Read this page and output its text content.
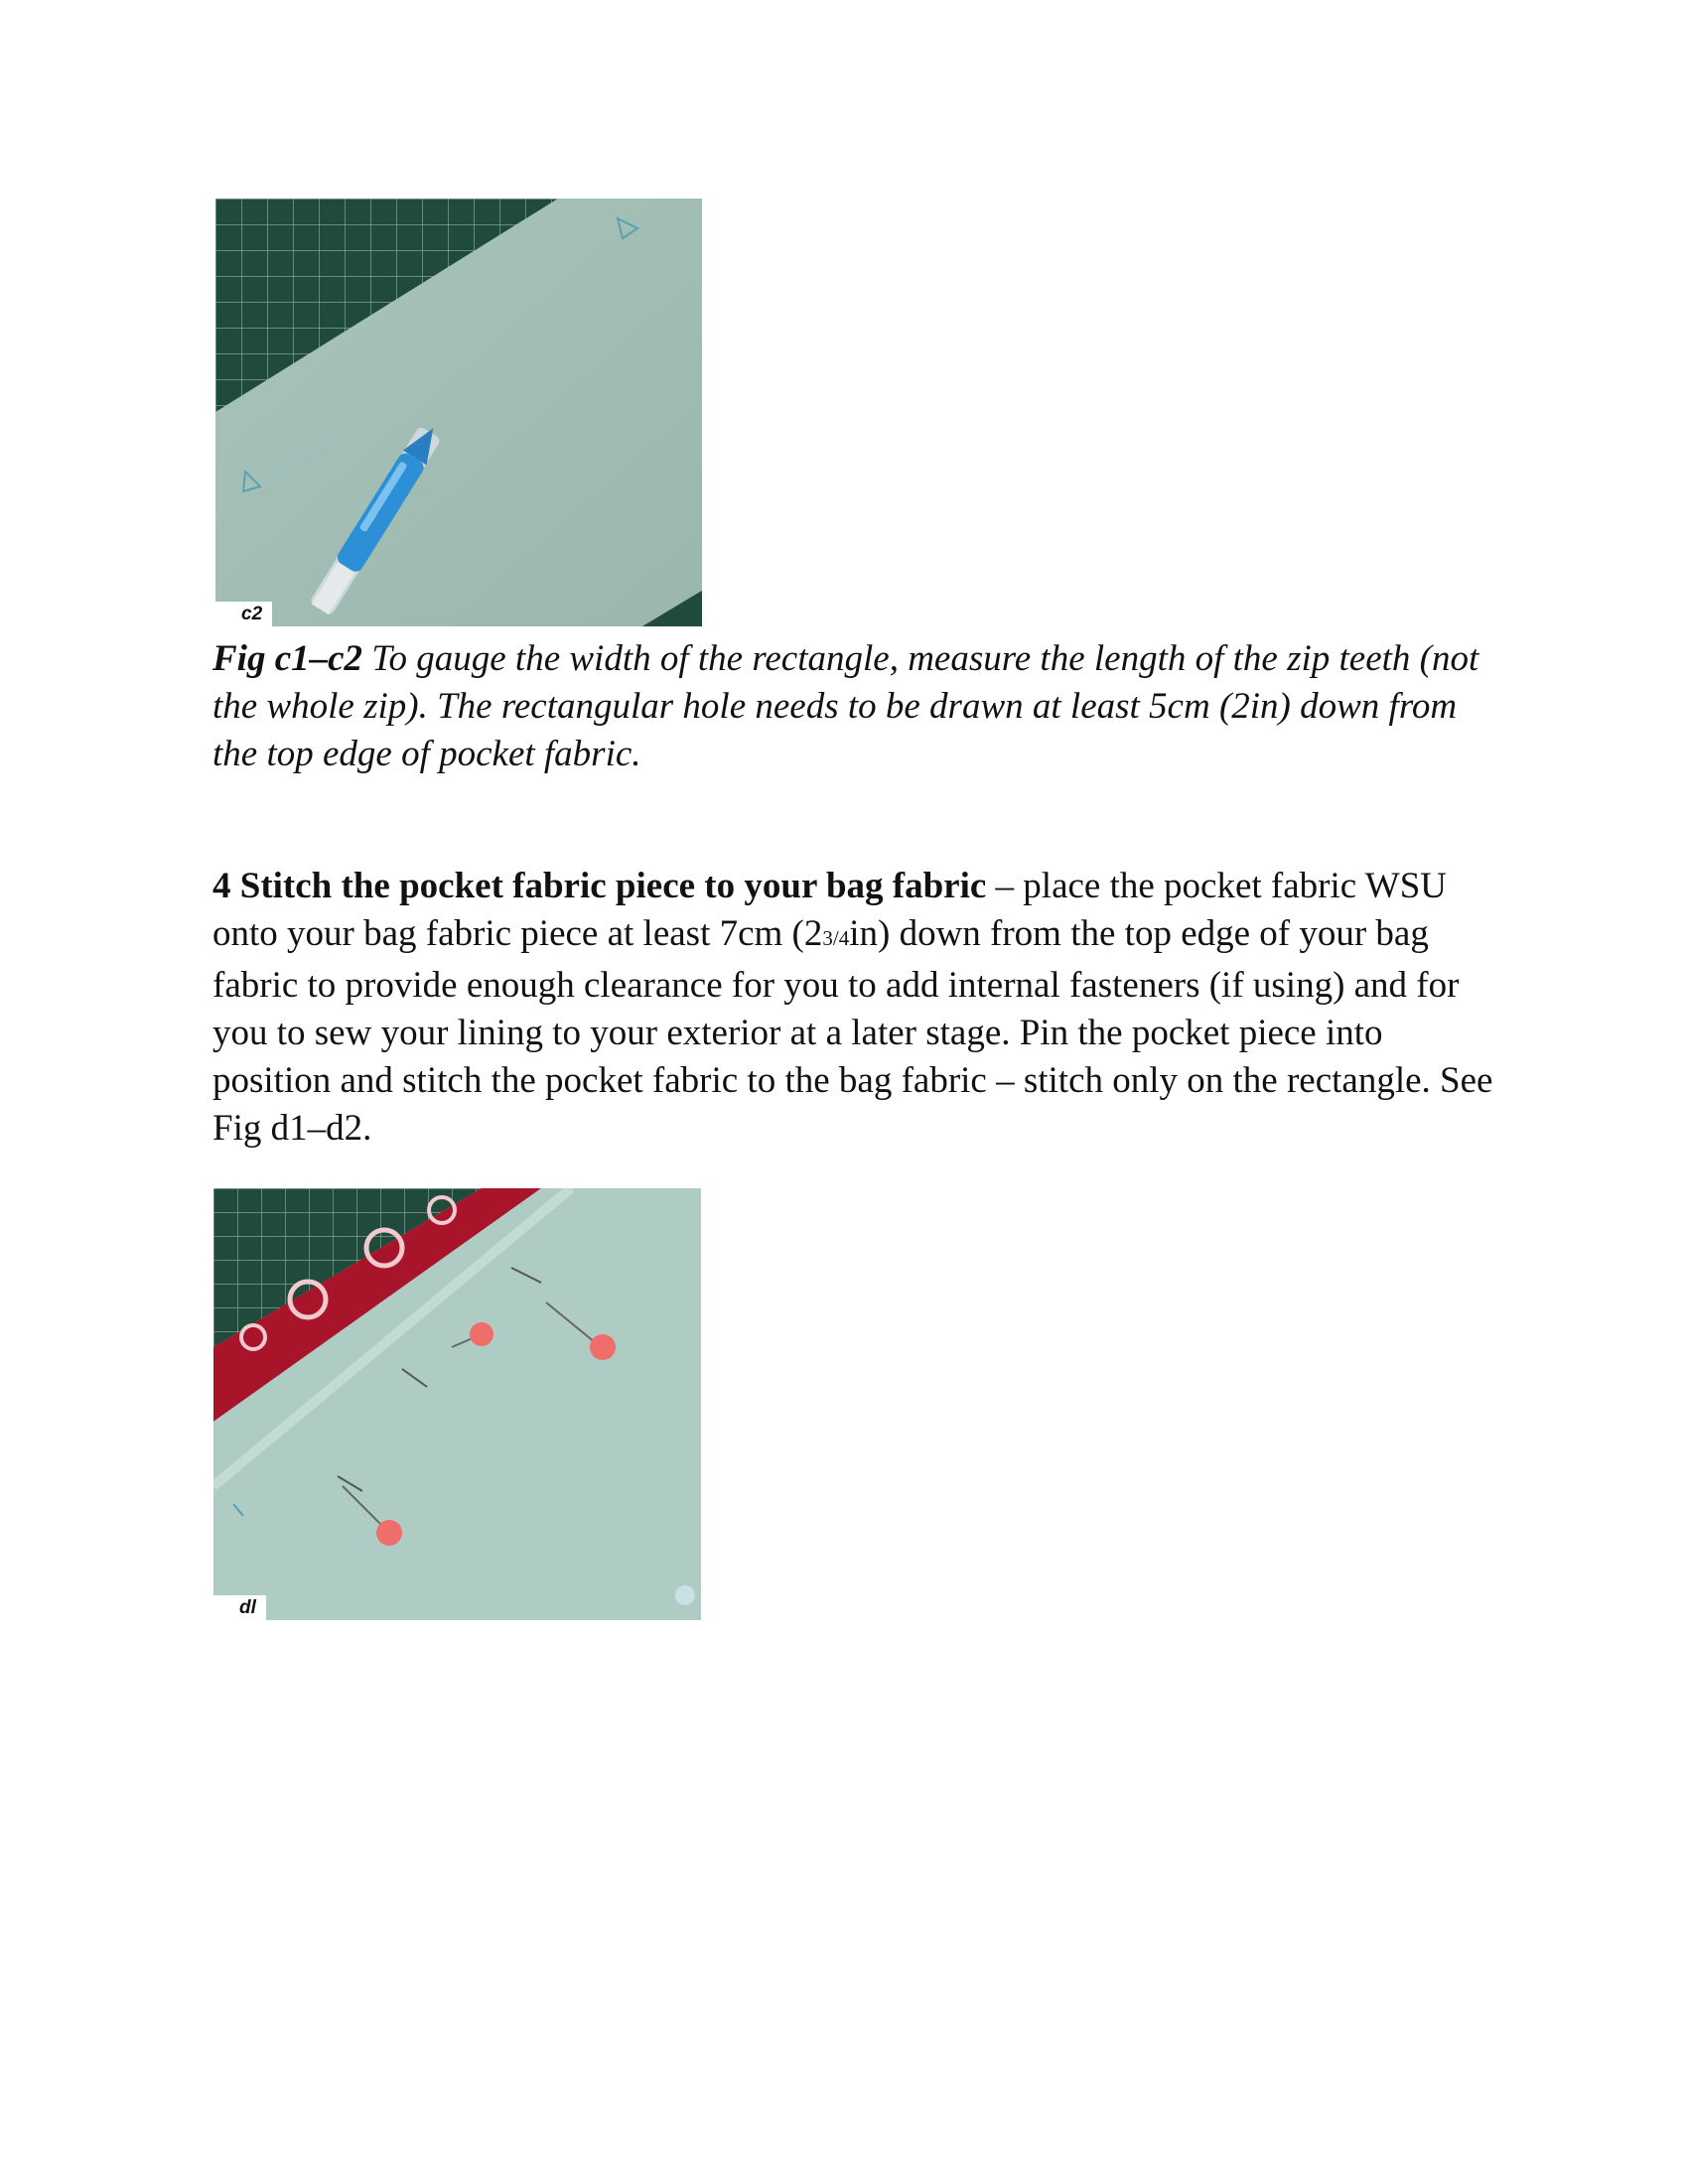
c2
Fig c1–c2 To gauge the width of the rectangle, measure the length of the zip teeth (not the whole zip). The rectangular hole needs to be drawn at least 5cm (2in) down from the top edge of pocket fabric.
4 Stitch the pocket fabric piece to your bag fabric – place the pocket fabric WSU onto your bag fabric piece at least 7cm (23/4in) down from the top edge of your bag fabric to provide enough clearance for you to add internal fasteners (if using) and for you to sew your lining to your exterior at a later stage. Pin the pocket piece into position and stitch the pocket fabric to the bag fabric – stitch only on the rectangle. See Fig d1–d2.
dl
